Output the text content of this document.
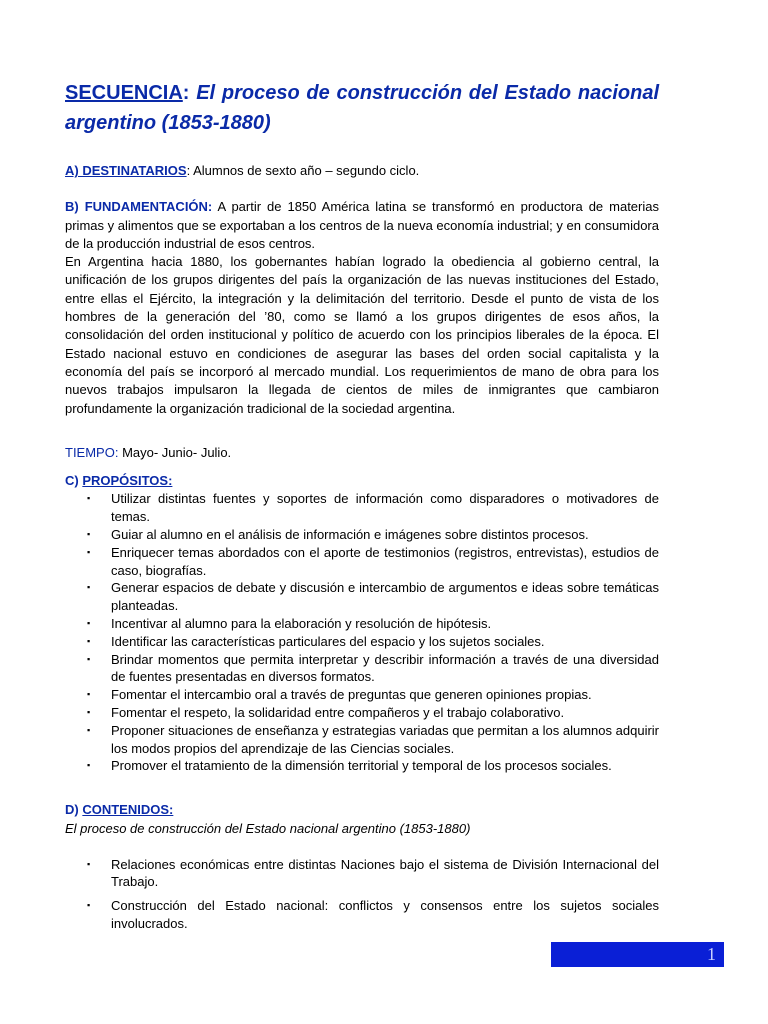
SECUENCIA: El proceso de construcción del Estado nacional argentino (1853-1880)

A) DESTINATARIOS: Alumnos de sexto año – segundo ciclo.

B) FUNDAMENTACIÓN: A partir de 1850 América latina se transformó en productora de materias primas y alimentos que se exportaban a los centros de la nueva economía industrial; y en consumidora de la producción industrial de esos centros.

En Argentina hacia 1880, los gobernantes habían logrado la obediencia al gobierno central, la unificación de los grupos dirigentes del país la organización de las nuevas instituciones del Estado, entre ellas el Ejército, la integración y la delimitación del territorio. Desde el punto de vista de los hombres de la generación del ’80, como se llamó a los grupos dirigentes de esos años, la consolidación del orden institucional y político de acuerdo con los principios liberales de la época. El Estado nacional estuvo en condiciones de asegurar las bases del orden social capitalista y la economía del país se incorporó al mercado mundial. Los requerimientos de mano de obra para los nuevos trabajos impulsaron la llegada de cientos de miles de inmigrantes que cambiaron profundamente la organización tradicional de la sociedad argentina.

TIEMPO: Mayo- Junio- Julio.

C) PROPÓSITOS:

▪ Utilizar distintas fuentes y soportes de información como disparadores o motivadores de temas.
▪ Guiar al alumno en el análisis de información e imágenes sobre distintos procesos.
▪ Enriquecer temas abordados con el aporte de testimonios (registros, entrevistas), estudios de caso, biografías.
▪ Generar espacios de debate y discusión e intercambio de argumentos e ideas sobre temáticas planteadas.
▪ Incentivar al alumno para la elaboración y resolución de hipótesis.
▪ Identificar las características particulares del espacio y los sujetos sociales.
▪ Brindar momentos que permita interpretar y describir información a través de una diversidad de fuentes presentadas en diversos formatos.
▪ Fomentar el intercambio oral a través de preguntas que generen opiniones propias.
▪ Fomentar el respeto, la solidaridad entre compañeros y el trabajo colaborativo.
▪ Proponer situaciones de enseñanza y estrategias variadas que permitan a los alumnos adquirir los modos propios del aprendizaje de las Ciencias sociales.
▪ Promover el tratamiento de la dimensión territorial y temporal de los procesos sociales.

D) CONTENIDOS:

El proceso de construcción del Estado nacional argentino (1853-1880)

▪ Relaciones económicas entre distintas Naciones bajo el sistema de División Internacional del Trabajo.
▪ Construcción del Estado nacional: conflictos y consensos entre los sujetos sociales involucrados.
1
